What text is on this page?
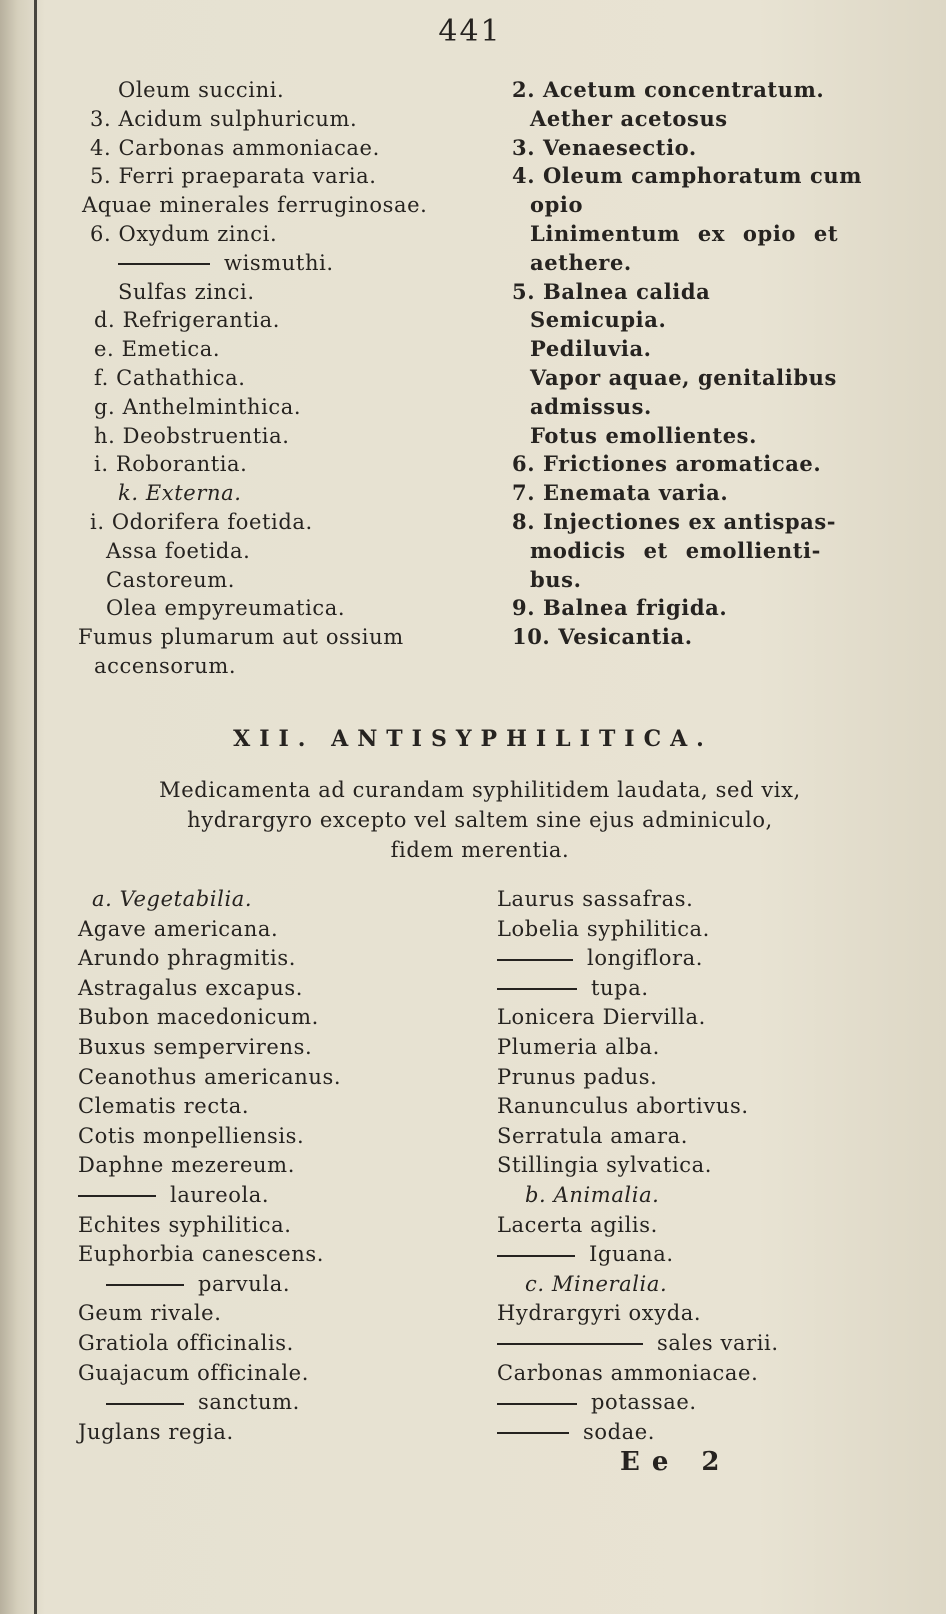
441
Oleum succini.
3. Acidum sulphuricum.
4. Carbonas ammoniacae.
5. Ferri praeparata varia.
Aquae minerales ferruginosae.
6. Oxydum zinci.
wismuthi.
Sulfas zinci.
d. Refrigerantia.
e. Emetica.
f. Cathathica.
g. Anthelminthica.
h. Deobstruentia.
i. Roborantia.
k. Externa.
i. Odorifera foetida.
Assa foetida.
Castoreum.
Olea empyreumatica.
Fumus plumarum aut ossium
accensorum.
2. Acetum concentratum.
Aether acetosus
3. Venaesectio.
4. Oleum camphoratum cum
opio
Linimentum ex opio et
aethere.
5. Balnea calida
Semicupia.
Pediluvia.
Vapor aquae, genitalibus
admissus.
Fotus emollientes.
6. Frictiones aromaticae.
7. Enemata varia.
8. Injectiones ex antispas-
modicis et emollienti-
bus.
9. Balnea frigida.
10. Vesicantia.
XII. ANTISYPHILITICA.
Medicamenta ad curandam syphilitidem laudata, sed vix,
hydrargyro excepto vel saltem sine ejus adminiculo,
fidem merentia.
a. Vegetabilia.
Agave americana.
Arundo phragmitis.
Astragalus excapus.
Bubon macedonicum.
Buxus sempervirens.
Ceanothus americanus.
Clematis recta.
Cotis monpelliensis.
Daphne mezereum.
laureola.
Echites syphilitica.
Euphorbia canescens.
parvula.
Geum rivale.
Gratiola officinalis.
Guajacum officinale.
sanctum.
Juglans regia.
Laurus sassafras.
Lobelia syphilitica.
longiflora.
tupa.
Lonicera Diervilla.
Plumeria alba.
Prunus padus.
Ranunculus abortivus.
Serratula amara.
Stillingia sylvatica.
b. Animalia.
Lacerta agilis.
Iguana.
c. Mineralia.
Hydrargyri oxyda.
sales varii.
Carbonas ammoniacae.
potassae.
sodae.
Ee 2
